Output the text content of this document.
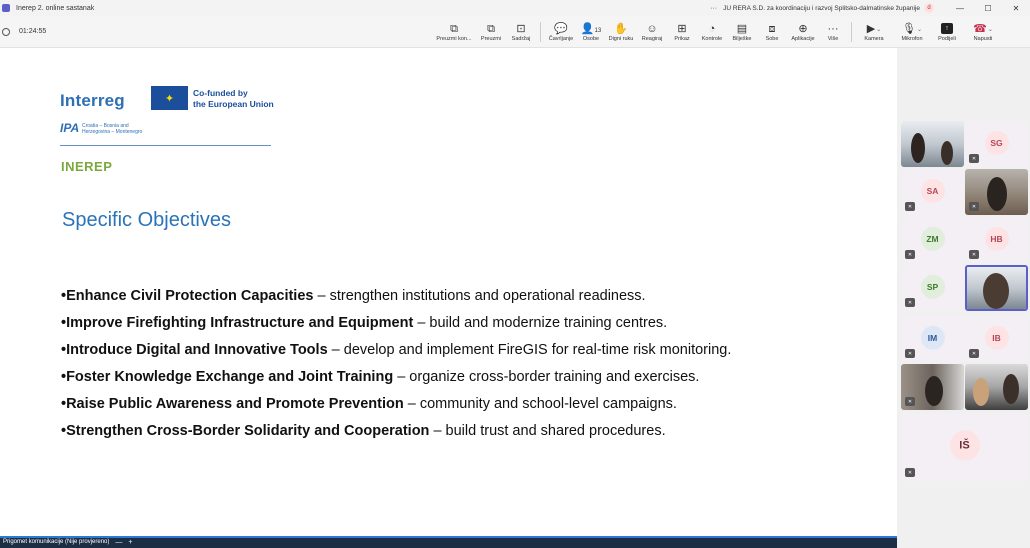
Inerep 2. online sastanak	··· JU RERA S.D. za koordinaciju i razvoj Splitsko-dalmatinske županije	d	—	☐	✕
01:24:55	⧉
Preuzmi kon...
⧉
Preuzmi
⊡
Sadržaj
💬
Čavrljanje
👤13
Osobe
✋
Digni ruku
☺
Reagiraj
⊞
Prikaz
◔
Kontrole
▤
Bilješke
⧈
Sobe
⊕
Aplikacije
···
Više
▶ ⌄
Kamera
🎙 ⌄
Mikrofon
↑
Podijeli
☎ ⌄
Napusti
Interreg	✦	Co-funded by
the European Union
IPA Croatia – Bosnia and
Herzegovina – Montenegro
INEREP
Specific Objectives
•Enhance Civil Protection Capacities – strengthen institutions and operational readiness.
•Improve Firefighting Infrastructure and Equipment – build and modernize training centres.
•Introduce Digital and Innovative Tools – develop and implement FireGIS for real-time risk monitoring.
•Foster Knowledge Exchange and Joint Training – organize cross-border training and exercises.
•Raise Public Awareness and Promote Prevention – community and school-level campaigns.
•Strengthen Cross-Border Solidarity and Cooperation – build trust and shared procedures.
Prigomet komunikacije (Nije provjereno) — +
SG
✕
SA
✕	✕
ZM
✕
HB
✕
SP
✕
IM
✕
IB
✕
✕
IŠ
✕
